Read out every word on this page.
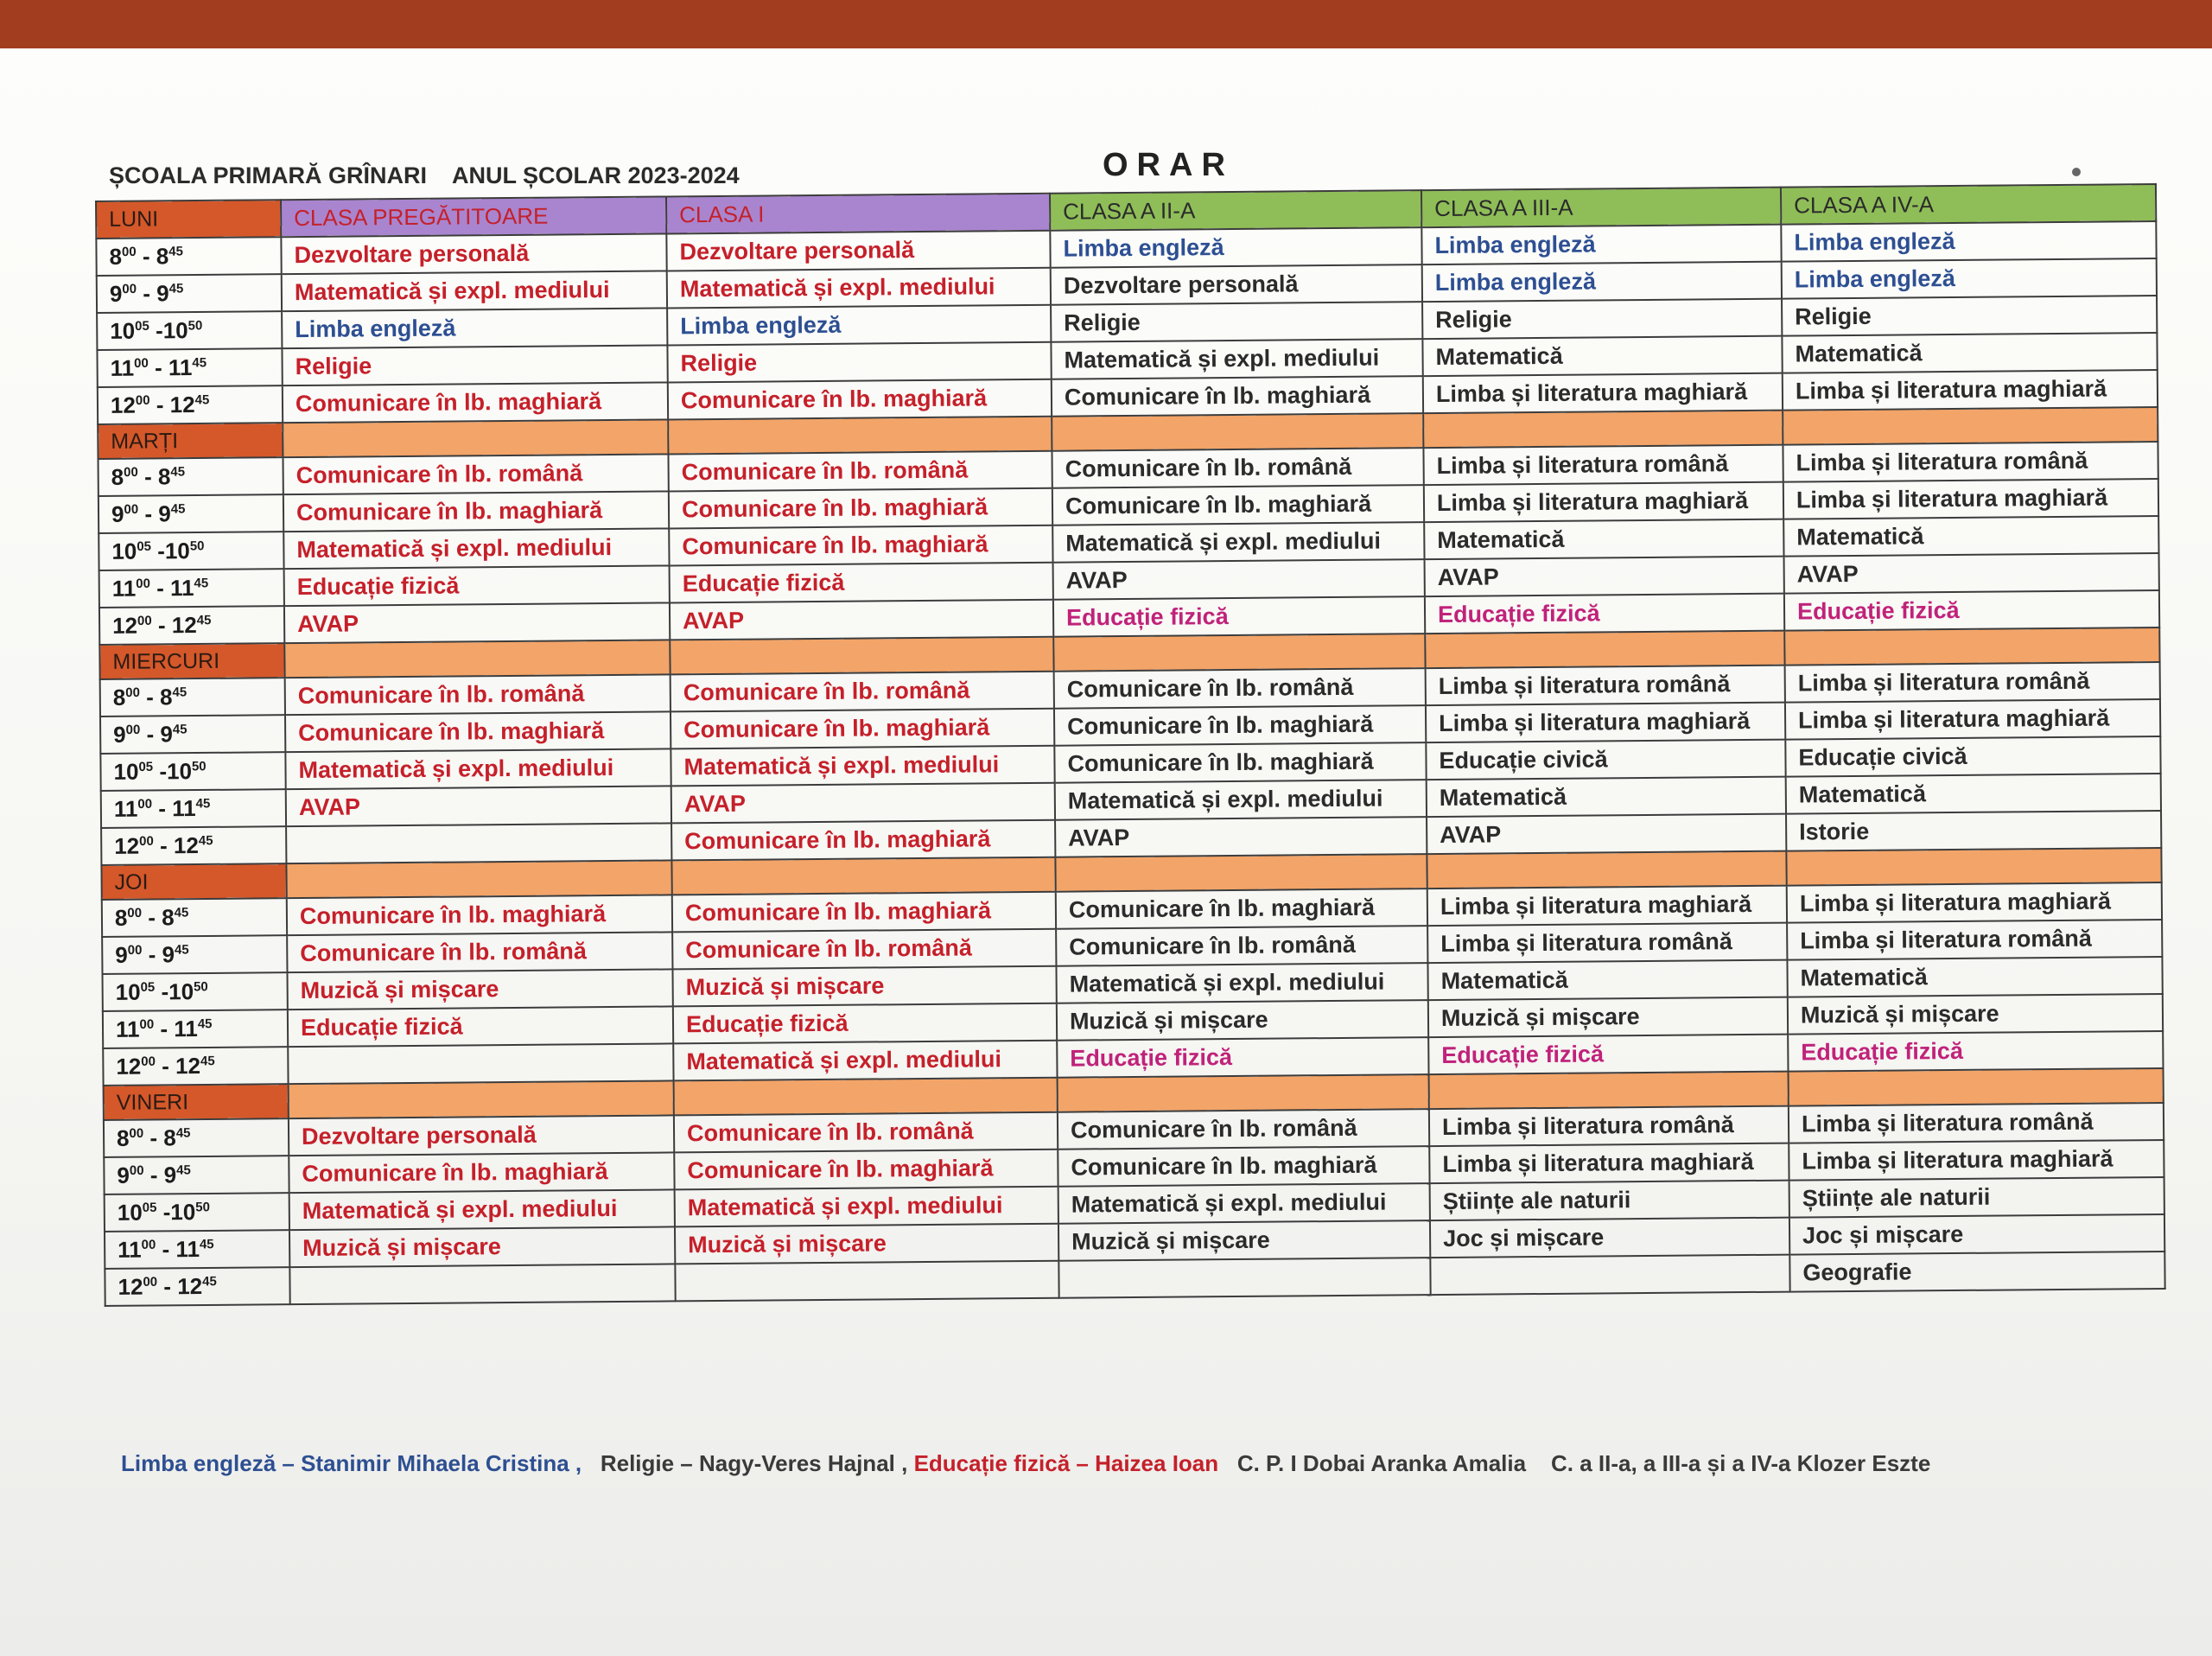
ȘCOALA PRIMARĂ GRÎNARI ANUL ȘCOLAR 2023-2024	ORAR
LUNI	CLASA PREGĂTITOARE	CLASA I	CLASA A II-A	CLASA A III-A	CLASA A IV-A
$8^{00} - 8^{45}$	Dezvoltare personală	Dezvoltare personală	Limba engleză	Limba engleză	Limba engleză
$9^{00} - 9^{45}$	Matematică și expl. mediului	Matematică și expl. mediului	Dezvoltare personală	Limba engleză	Limba engleză
$10^{05}$ $-10^{50}$	Limba engleză	Limba engleză	Religie	Religie	Religie
$11^{00} - 11^{45}$	Religie	Religie	Matematică și expl. mediului	Matematică	Matematică
$12^{00} - 12^{45}$	Comunicare în lb. maghiară	Comunicare în lb. maghiară	Comunicare în lb. maghiară	Limba și literatura maghiară	Limba și literatura maghiară
MARȚI					
$8^{00} - 8^{45}$	Comunicare în lb. română	Comunicare în lb. română	Comunicare în lb. română	Limba și literatura română	Limba și literatura română
$9^{00} - 9^{45}$	Comunicare în lb. maghiară	Comunicare în lb. maghiară	Comunicare în lb. maghiară	Limba și literatura maghiară	Limba și literatura maghiară
$10^{05}$ $-10^{50}$	Matematică și expl. mediului	Comunicare în lb. maghiară	Matematică și expl. mediului	Matematică	Matematică
$11^{00} - 11^{45}$	Educație fizică	Educație fizică	AVAP	AVAP	AVAP
$12^{00} - 12^{45}$	AVAP	AVAP	Educație fizică	Educație fizică	Educație fizică
MIERCURI					
$8^{00} - 8^{45}$	Comunicare în lb. română	Comunicare în lb. română	Comunicare în lb. română	Limba și literatura română	Limba și literatura română
$9^{00} - 9^{45}$	Comunicare în lb. maghiară	Comunicare în lb. maghiară	Comunicare în lb. maghiară	Limba și literatura maghiară	Limba și literatura maghiară
$10^{05}$ $-10^{50}$	Matematică și expl. mediului	Matematică și expl. mediului	Comunicare în lb. maghiară	Educație civică	Educație civică
$11^{00} - 11^{45}$	AVAP	AVAP	Matematică și expl. mediului	Matematică	Matematică
$12^{00} - 12^{45}$		Comunicare în lb. maghiară	AVAP	AVAP	Istorie
JOI					
$8^{00} - 8^{45}$	Comunicare în lb. maghiară	Comunicare în lb. maghiară	Comunicare în lb. maghiară	Limba și literatura maghiară	Limba și literatura maghiară
$9^{00} - 9^{45}$	Comunicare în lb. română	Comunicare în lb. română	Comunicare în lb. română	Limba și literatura română	Limba și literatura română
$10^{05}$ $-10^{50}$	Muzică și mișcare	Muzică și mișcare	Matematică și expl. mediului	Matematică	Matematică
$11^{00} - 11^{45}$	Educație fizică	Educație fizică	Muzică și mișcare	Muzică și mișcare	Muzică și mișcare
$12^{00} - 12^{45}$		Matematică și expl. mediului	Educație fizică	Educație fizică	Educație fizică
VINERI					
$8^{00} - 8^{45}$	Dezvoltare personală	Comunicare în lb. română	Comunicare în lb. română	Limba și literatura română	Limba și literatura română
$9^{00} - 9^{45}$	Comunicare în lb. maghiară	Comunicare în lb. maghiară	Comunicare în lb. maghiară	Limba și literatura maghiară	Limba și literatura maghiară
$10^{05}$ $-10^{50}$	Matematică și expl. mediului	Matematică și expl. mediului	Matematică și expl. mediului	Științe ale naturii	Științe ale naturii
$11^{00} - 11^{45}$	Muzică și mișcare	Muzică și mișcare	Muzică și mișcare	Joc și mișcare	Joc și mișcare
$12^{00} - 12^{45}$					Geografie
Limba engleză – Stanimir Mihaela Cristina , Religie – Nagy-Veres Hajnal , Educație fizică – Haizea Ioan C. P. I Dobai Aranka Amalia C. a II-a, a III-a și a IV-a Klozer Eszte
